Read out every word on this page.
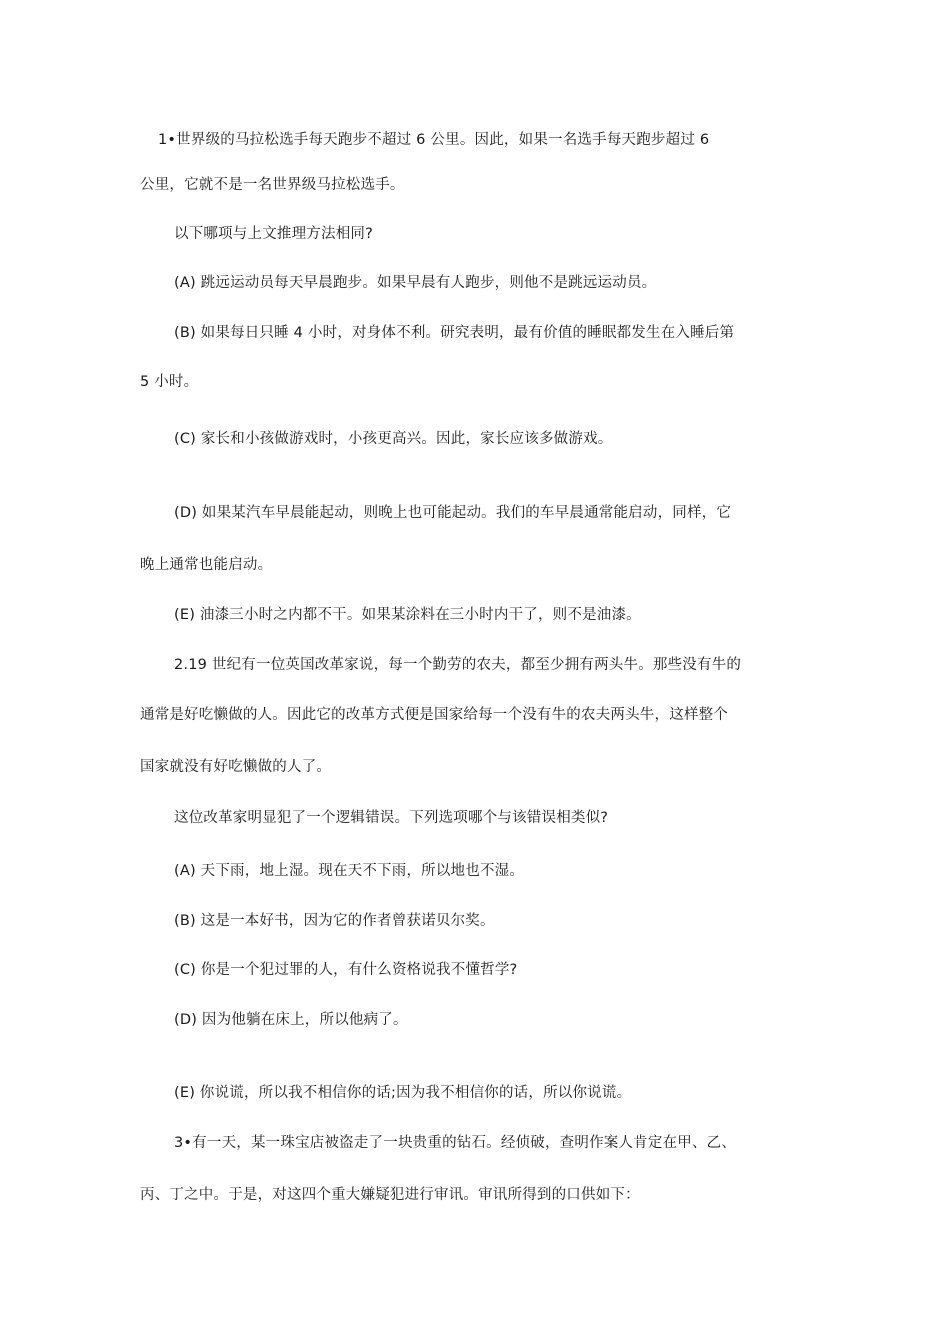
1•世界级的马拉松选手每天跑步不超过 6 公里。因此，如果一名选手每天跑步超过 6
公里，它就不是一名世界级马拉松选手。
以下哪项与上文推理方法相同?
(A) 跳远运动员每天早晨跑步。如果早晨有人跑步，则他不是跳远运动员。
(B) 如果每日只睡 4 小时，对身体不利。研究表明，最有价值的睡眠都发生在入睡后第
5 小时。
(C) 家长和小孩做游戏时，小孩更高兴。因此，家长应该多做游戏。
(D) 如果某汽车早晨能起动，则晚上也可能起动。我们的车早晨通常能启动，同样，它
晚上通常也能启动。
(E) 油漆三小时之内都不干。如果某涂料在三小时内干了，则不是油漆。
2.19 世纪有一位英国改革家说，每一个勤劳的农夫，都至少拥有两头牛。那些没有牛的
通常是好吃懒做的人。因此它的改革方式便是国家给每一个没有牛的农夫两头牛，这样整个
国家就没有好吃懒做的人了。
这位改革家明显犯了一个逻辑错误。下列选项哪个与该错误相类似?
(A) 天下雨，地上湿。现在天不下雨，所以地也不湿。
(B) 这是一本好书，因为它的作者曾获诺贝尔奖。
(C) 你是一个犯过罪的人，有什么资格说我不懂哲学?
(D) 因为他躺在床上，所以他病了。
(E) 你说谎，所以我不相信你的话;因为我不相信你的话，所以你说谎。
3•有一天，某一珠宝店被盗走了一块贵重的钻石。经侦破，查明作案人肯定在甲、乙、
丙、丁之中。于是，对这四个重大嫌疑犯进行审讯。审讯所得到的口供如下：
